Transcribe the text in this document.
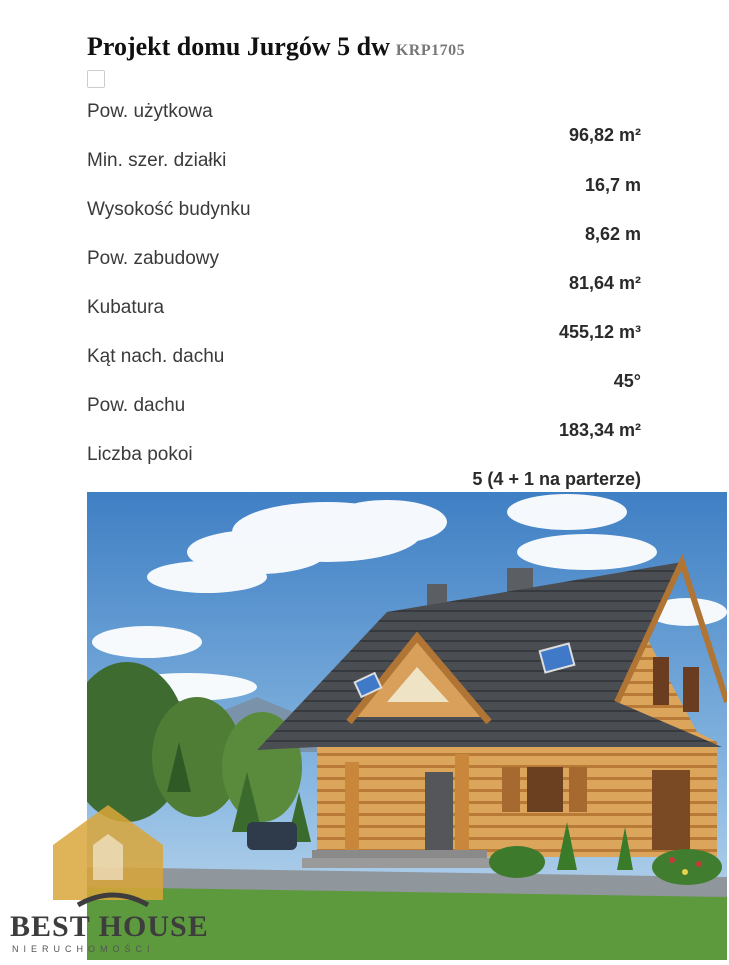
Projekt domu Jurgów 5 dw KRP1705
Pow. użytkowa
96,82 m²
Min. szer. działki
16,7 m
Wysokość budynku
8,62 m
Pow. zabudowy
81,64 m²
Kubatura
455,12 m³
Kąt nach. dachu
45°
Pow. dachu
183,34 m²
Liczba pokoi
5 (4 + 1 na parterze)
BEST HOUSE
NIERUCHOMOŚCI
